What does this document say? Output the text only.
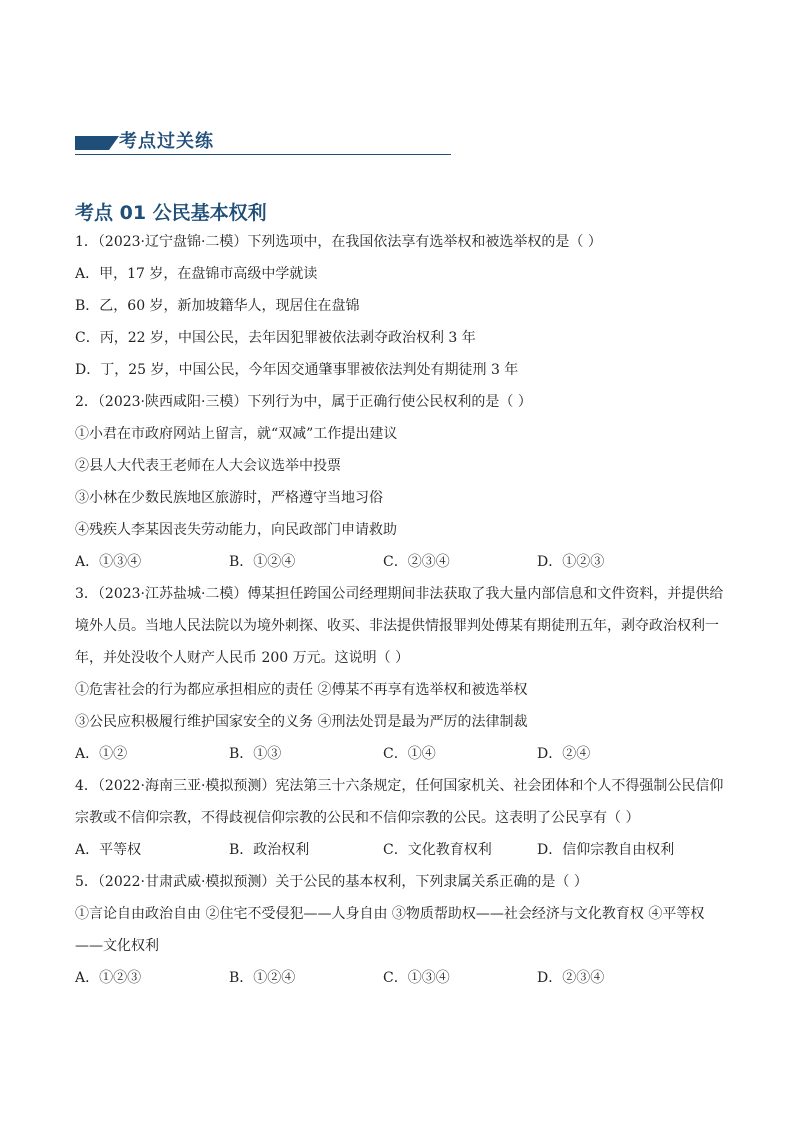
考点过关练
考点 01 公民基本权利
1．（2023·辽宁盘锦·二模）下列选项中，在我国依法享有选举权和被选举权的是（ ）
A．甲，17 岁，在盘锦市高级中学就读
B．乙，60 岁，新加坡籍华人，现居住在盘锦
C．丙，22 岁，中国公民，去年因犯罪被依法剥夺政治权利 3 年
D．丁，25 岁，中国公民，今年因交通肇事罪被依法判处有期徒刑 3 年
2．（2023·陕西咸阳·三模）下列行为中，属于正确行使公民权利的是（ ）
①小君在市政府网站上留言，就“双减”工作提出建议
②县人大代表王老师在人大会议选举中投票
③小林在少数民族地区旅游时，严格遵守当地习俗
④残疾人李某因丧失劳动能力，向民政部门申请救助
A．①③④	B．①②④	C．②③④	D．①②③
3．（2023·江苏盐城·二模）傅某担任跨国公司经理期间非法获取了我大量内部信息和文件资料，并提供给境外人员。当地人民法院以为境外刺探、收买、非法提供情报罪判处傅某有期徒刑五年，剥夺政治权利一年，并处没收个人财产人民币 200 万元。这说明（ ）
①危害社会的行为都应承担相应的责任 ②傅某不再享有选举权和被选举权
③公民应积极履行维护国家安全的义务 ④刑法处罚是最为严厉的法律制裁
A．①②	B．①③	C．①④	D．②④
4．（2022·海南三亚·模拟预测）宪法第三十六条规定，任何国家机关、社会团体和个人不得强制公民信仰宗教或不信仰宗教，不得歧视信仰宗教的公民和不信仰宗教的公民。这表明了公民享有（ ）
A．平等权	B．政治权利	C．文化教育权利	D．信仰宗教自由权利
5．（2022·甘肃武威·模拟预测）关于公民的基本权利，下列隶属关系正确的是（ ）
①言论自由政治自由 ②住宅不受侵犯——人身自由 ③物质帮助权——社会经济与文化教育权 ④平等权——文化权利
A．①②③	B．①②④	C．①③④	D．②③④
